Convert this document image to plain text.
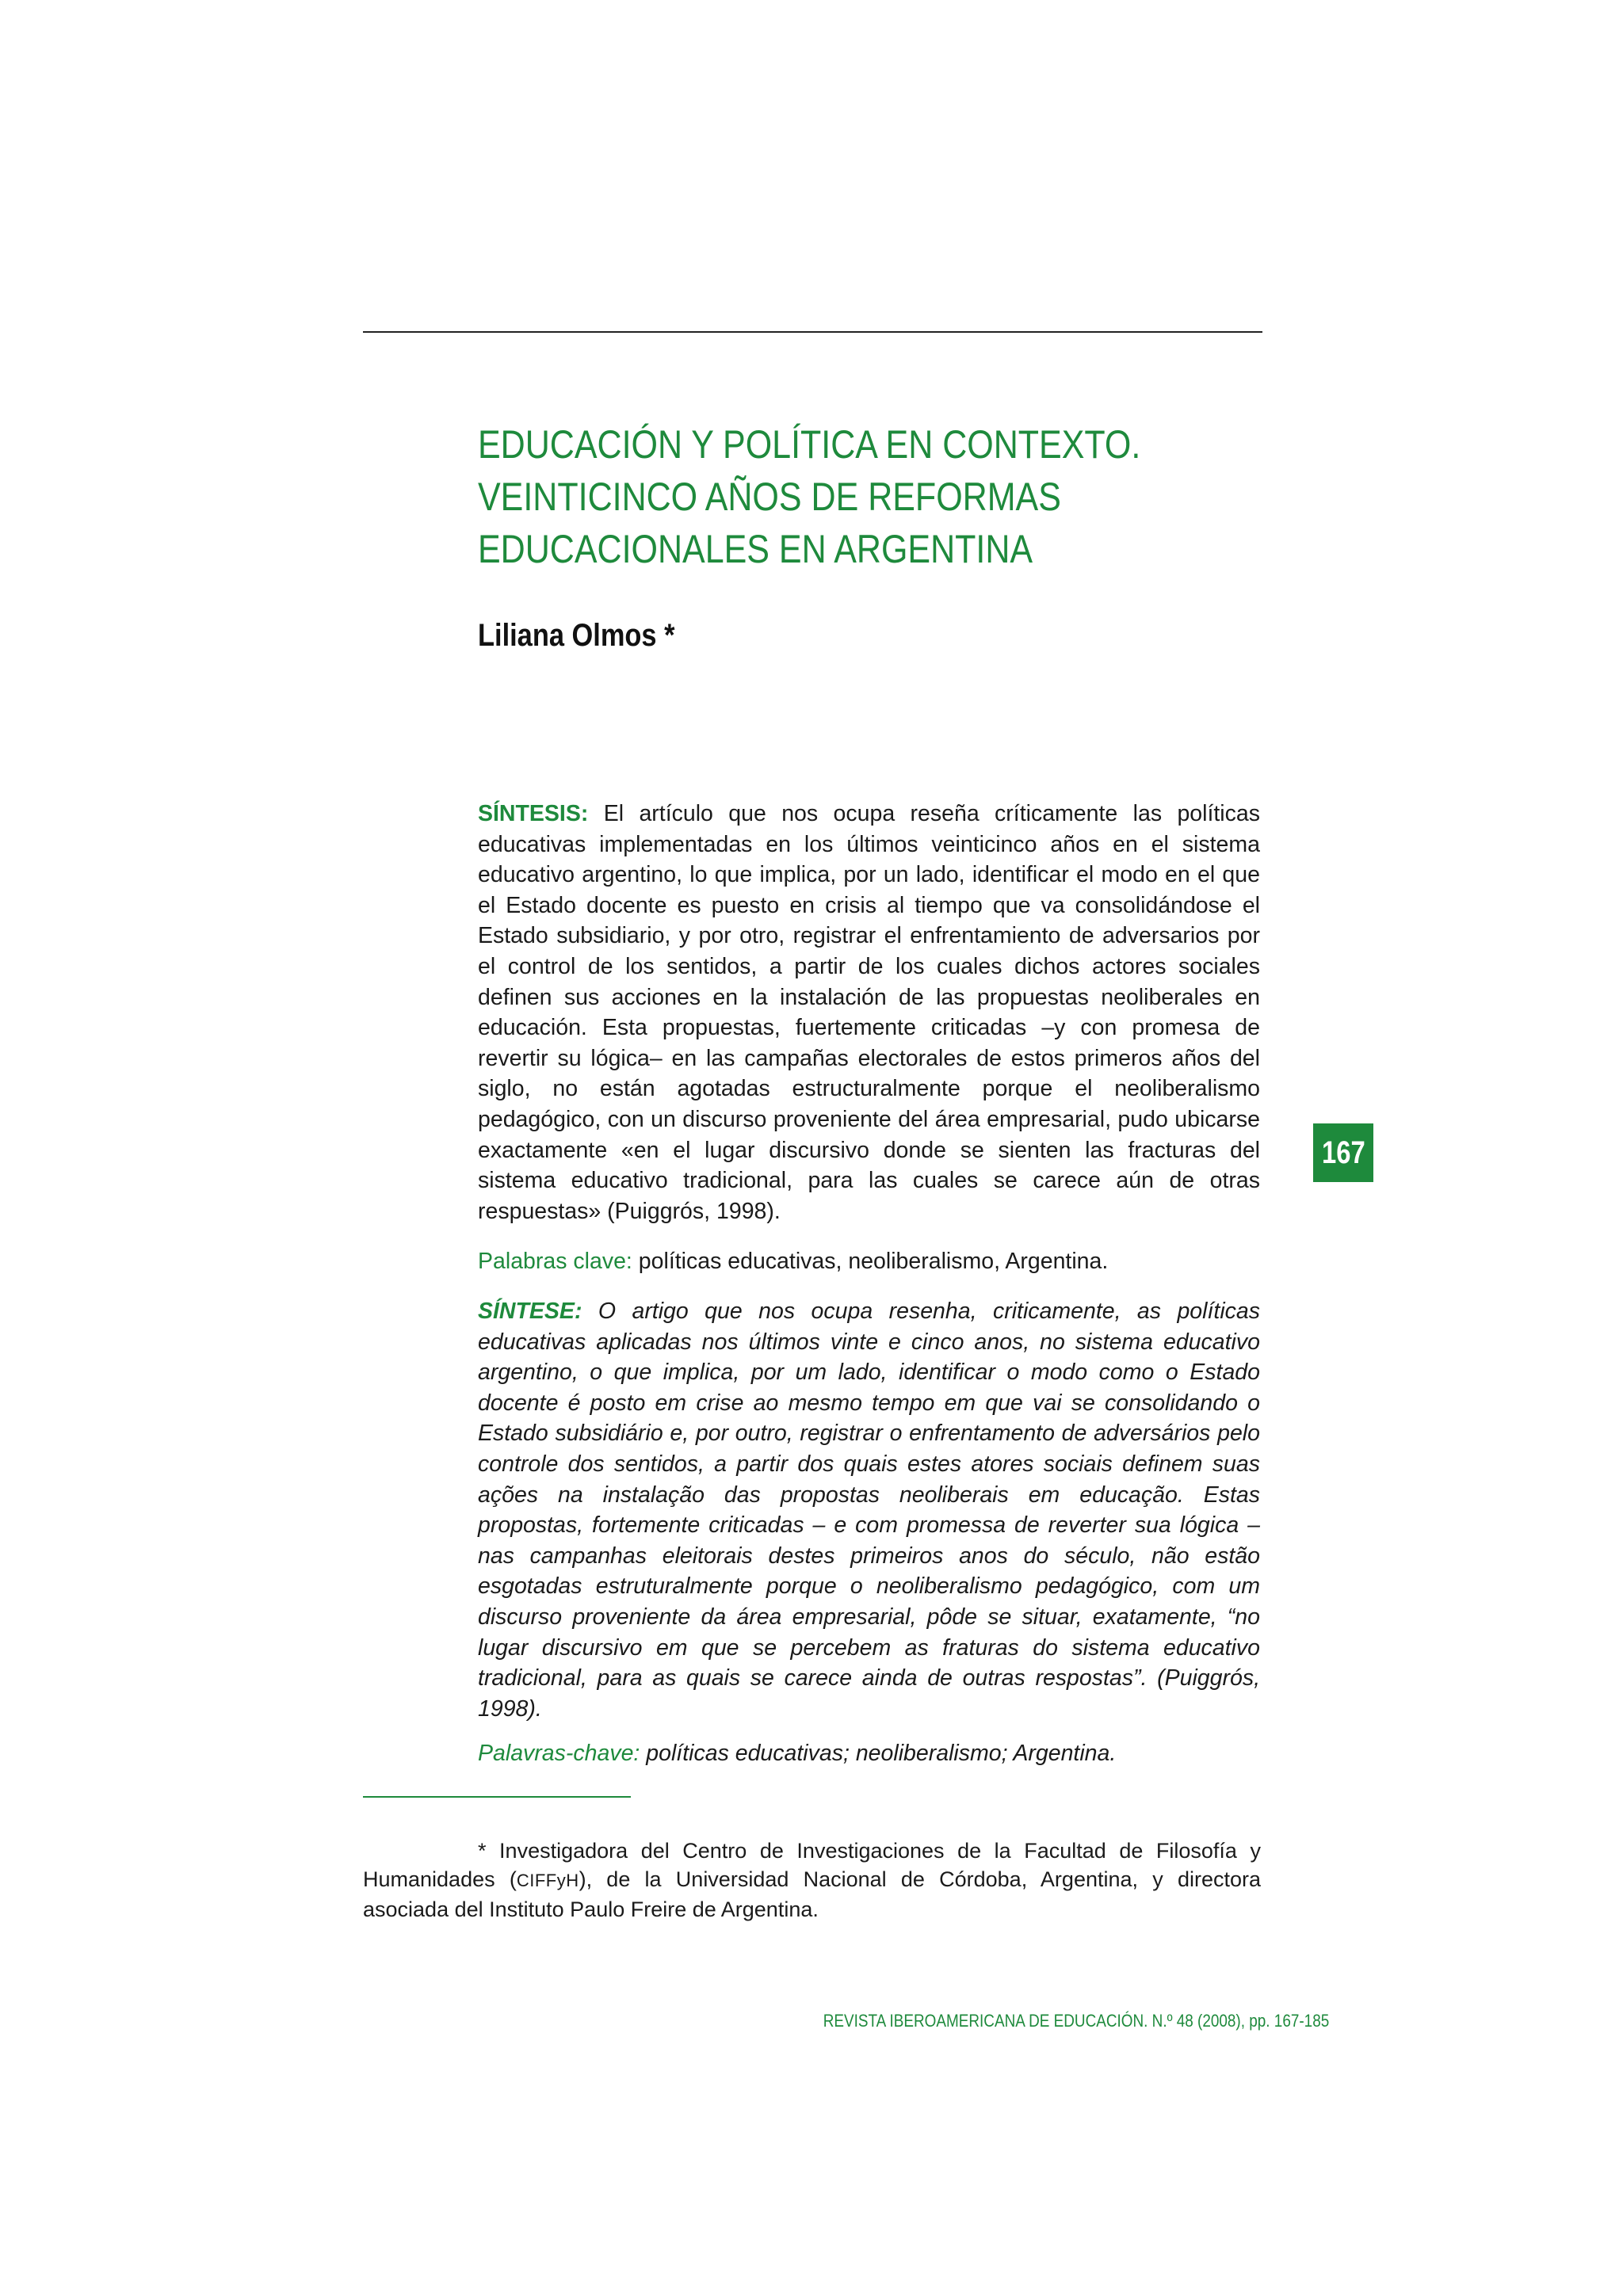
EDUCACIÓN Y POLÍTICA EN CONTEXTO.
VEINTICINCO AÑOS DE REFORMAS
EDUCACIONALES EN ARGENTINA
Liliana Olmos *

SÍNTESIS: El artículo que nos ocupa reseña críticamente las políticas educativas implementadas en los últimos veinticinco años en el sistema educativo argentino, lo que implica, por un lado, identificar el modo en el que el Estado docente es puesto en crisis al tiempo que va consolidándose el Estado subsidiario, y por otro, registrar el enfrentamiento de adversarios por el control de los sentidos, a partir de los cuales dichos actores sociales definen sus acciones en la instalación de las propuestas neoliberales en educación. Esta propuestas, fuertemente criticadas –y con promesa de revertir su lógica– en las campañas electorales de estos primeros años del siglo, no están agotadas estructuralmente porque el neoliberalismo pedagógico, con un discurso proveniente del área empresarial, pudo ubicarse exactamente «en el lugar discursivo donde se sienten las fracturas del sistema educativo tradicional, para las cuales se carece aún de otras respuestas» (Puiggrós, 1998).

Palabras clave: políticas educativas, neoliberalismo, Argentina.

SÍNTESE: O artigo que nos ocupa resenha, criticamente, as políticas educativas aplicadas nos últimos vinte e cinco anos, no sistema educativo argentino, o que implica, por um lado, identificar o modo como o Estado docente é posto em crise ao mesmo tempo em que vai se consolidando o Estado subsidiário e, por outro, registrar o enfrentamento de adversários pelo controle dos sentidos, a partir dos quais estes atores sociais definem suas ações na instalação das propostas neoliberais em educação. Estas propostas, fortemente criticadas – e com promessa de reverter sua lógica – nas campanhas eleitorais destes primeiros anos do século, não estão esgotadas estruturalmente porque o neoliberalismo pedagógico, com um discurso proveniente da área empresarial, pôde se situar, exatamente, “no lugar discursivo em que se percebem as fraturas do sistema educativo tradicional, para as quais se carece ainda de outras respostas”. (Puiggrós, 1998).

Palavras-chave: políticas educativas; neoliberalismo; Argentina.

167

* Investigadora del Centro de Investigaciones de la Facultad de Filosofía y Humanidades (CIFFyH), de la Universidad Nacional de Córdoba, Argentina, y directora asociada del Instituto Paulo Freire de Argentina.

REVISTA IBEROAMERICANA DE EDUCACIÓN. N.º 48 (2008), pp. 167-185
